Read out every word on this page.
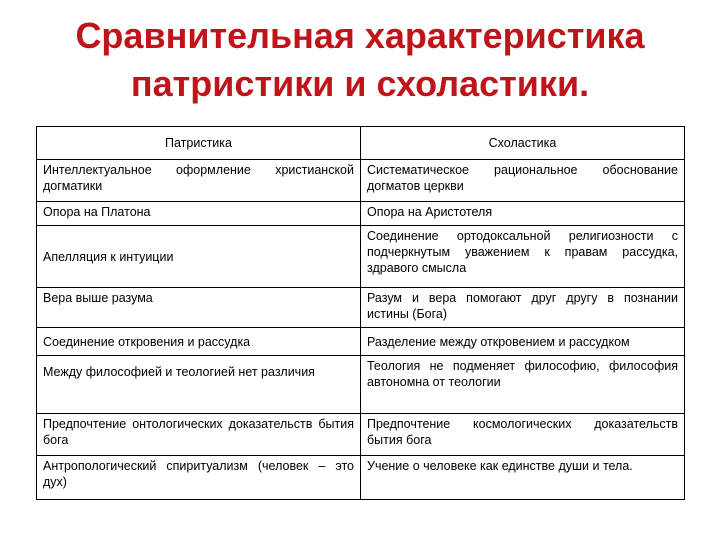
Сравнительная характеристика
патристики и схоластики.
Патристика	Схоластика
Интеллектуальное оформление христианской догматики	Систематическое рациональное обоснование догматов церкви
Опора на Платона	Опора на Аристотеля
Апелляция к интуиции	Соединение ортодоксальной религиозности с подчеркнутым уважением к правам рассудка, здравого смысла
Вера выше разума	Разум и вера помогают друг другу в познании истины (Бога)
Соединение откровения и рассудка	Разделение между откровением и рассудком
Между философией и теологией нет различия	Теология не подменяет философию, философия автономна от теологии
Предпочтение онтологических доказательств бытия бога	Предпочтение космологических доказательств бытия бога
Антропологический спиритуализм (человек – это дух)	Учение о человеке как единстве души и тела.
